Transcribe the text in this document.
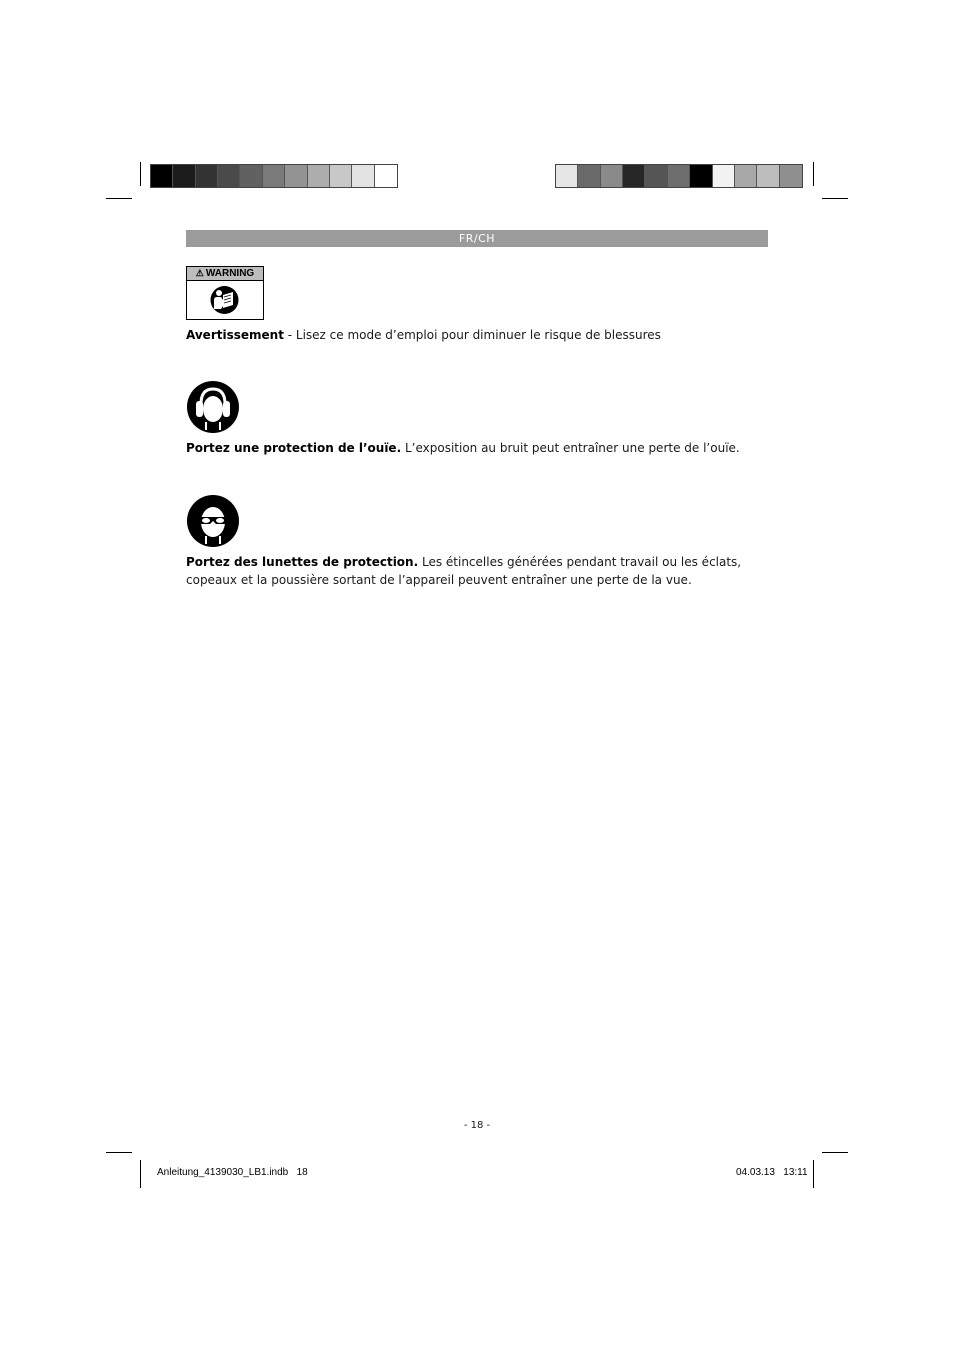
FR/CH
⚠ WARNING
Avertissement - Lisez ce mode d’emploi pour diminuer le risque de blessures
Portez une protection de l’ouïe. L’exposition au bruit peut entraîner une perte de l’ouïe.
Portez des lunettes de protection. Les étincelles générées pendant travail ou les éclats, copeaux et la poussière sortant de l’appareil peuvent entraîner une perte de la vue.
- 18 -
Anleitung_4139030_LB1.indb   18	04.03.13   13:11
